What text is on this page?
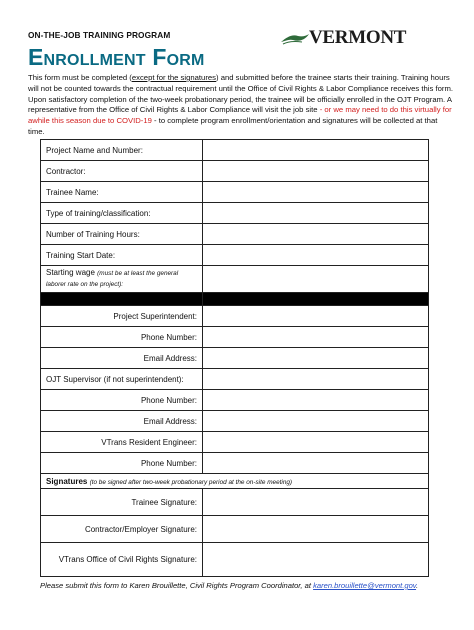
ON-THE-JOB TRAINING PROGRAM	VERMONT
Enrollment Form
This form must be completed (except for the signatures) and submitted before the trainee starts their training. Training hours will not be counted towards the contractual requirement until the Office of Civil Rights & Labor Compliance receives this form. Upon satisfactory completion of the two-week probationary period, the trainee will be officially enrolled in the OJT Program. A representative from the Office of Civil Rights & Labor Compliance will visit the job site - or we may need to do this virtually for awhile this season due to COVID-19 - to complete program enrollment/orientation and signatures will be collected at that time.
Project Name and Number:	
Contractor:	
Trainee Name:	
Type of training/classification:	
Number of Training Hours:	
Training Start Date:	
Starting wage (must be at least the general laborer rate on the project):	

Project Superintendent:	
Phone Number:	
Email Address:	
OJT Supervisor (if not superintendent):	
Phone Number:	
Email Address:	
VTrans Resident Engineer:	
Phone Number:	
Signatures (to be signed after two-week probationary period at the on-site meeting)	
Trainee Signature:	
Contractor/Employer Signature:	
VTrans Office of Civil Rights Signature:	
Please submit this form to Karen Brouillette, Civil Rights Program Coordinator, at karen.brouillette@vermont.gov.
